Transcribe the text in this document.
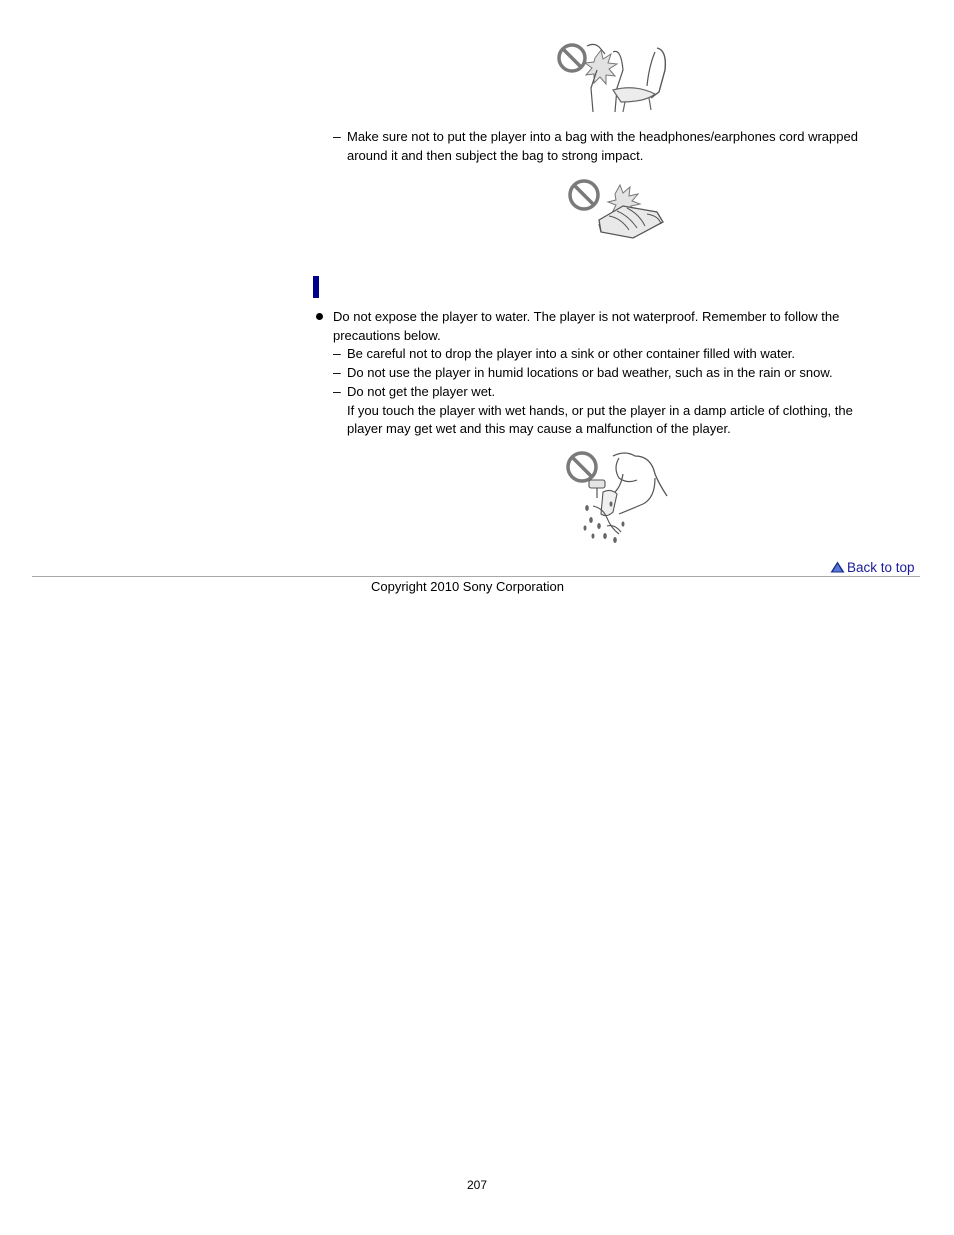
– Make sure not to put the player into a bag with the headphones/earphones cord wrapped
around it and then subject the bag to strong impact.
Do not expose the player to water. The player is not waterproof. Remember to follow the
precautions below.
– Be careful not to drop the player into a sink or other container filled with water.
– Do not use the player in humid locations or bad weather, such as in the rain or snow.
– Do not get the player wet.
If you touch the player with wet hands, or put the player in a damp article of clothing, the
player may get wet and this may cause a malfunction of the player.
Back to top
Copyright 2010 Sony Corporation
207
